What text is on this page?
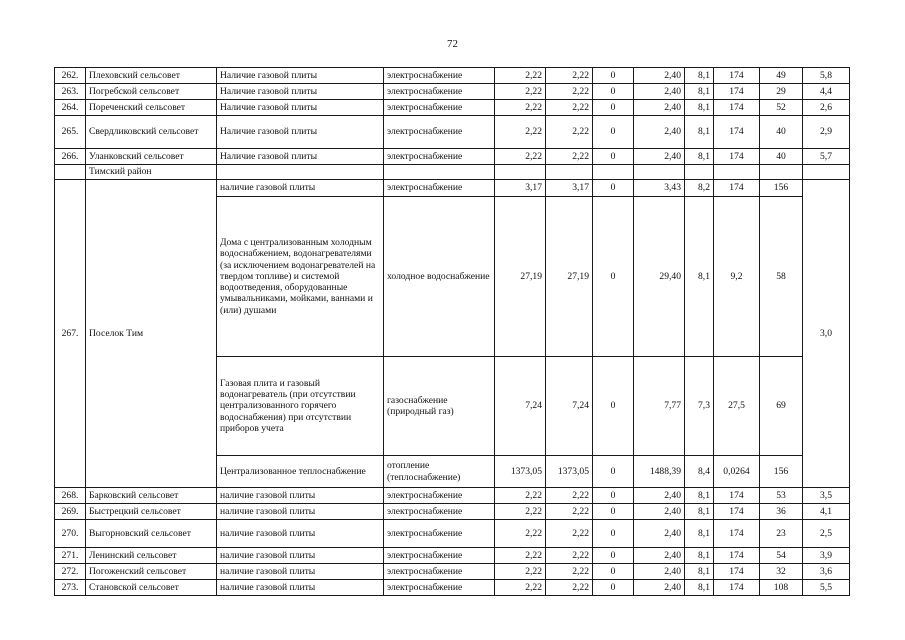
72
262.	Плеховский сельсовет	Наличие газовой плиты	электроснабжение	2,22	2,22	0	2,40	8,1	174	49	5,8
263.	Погребской сельсовет	Наличие газовой плиты	электроснабжение	2,22	2,22	0	2,40	8,1	174	29	4,4
264.	Пореченский сельсовет	Наличие газовой плиты	электроснабжение	2,22	2,22	0	2,40	8,1	174	52	2,6
265.	Свердликовский сельсовет	Наличие газовой плиты	электроснабжение	2,22	2,22	0	2,40	8,1	174	40	2,9
266.	Уланковский сельсовет	Наличие газовой плиты	электроснабжение	2,22	2,22	0	2,40	8,1	174	40	5,7
	Тимский район										
267.	Поселок Тим	наличие газовой плиты	электроснабжение	3,17	3,17	0	3,43	8,2	174	156	3,0
		Дома с централизованным холодным водоснабжением, водонагревателями (за исключением водонагревателей на твердом топливе) и системой водоотведения, оборудованные умывальниками, мойками, ваннами и (или) душами	холодное водоснабжение	27,19	27,19	0	29,40	8,1	9,2	58	
		Газовая плита и газовый водонагреватель (при отсутствии централизованного горячего водоснабжения) при отсутствии приборов учета	газоснабжение (природный газ)	7,24	7,24	0	7,77	7,3	27,5	69	
		Централизованное теплоснабжение	отопление (теплоснабжение)	1373,05	1373,05	0	1488,39	8,4	0,0264	156	
268.	Барковский сельсовет	наличие газовой плиты	электроснабжение	2,22	2,22	0	2,40	8,1	174	53	3,5
269.	Быстрецкий сельсовет	наличие газовой плиты	электроснабжение	2,22	2,22	0	2,40	8,1	174	36	4,1
270.	Выгорновский сельсовет	наличие газовой плиты	электроснабжение	2,22	2,22	0	2,40	8,1	174	23	2,5
271.	Ленинский сельсовет	наличие газовой плиты	электроснабжение	2,22	2,22	0	2,40	8,1	174	54	3,9
272.	Погоженский сельсовет	наличие газовой плиты	электроснабжение	2,22	2,22	0	2,40	8,1	174	32	3,6
273.	Становской сельсовет	наличие газовой плиты	электроснабжение	2,22	2,22	0	2,40	8,1	174	108	5,5
